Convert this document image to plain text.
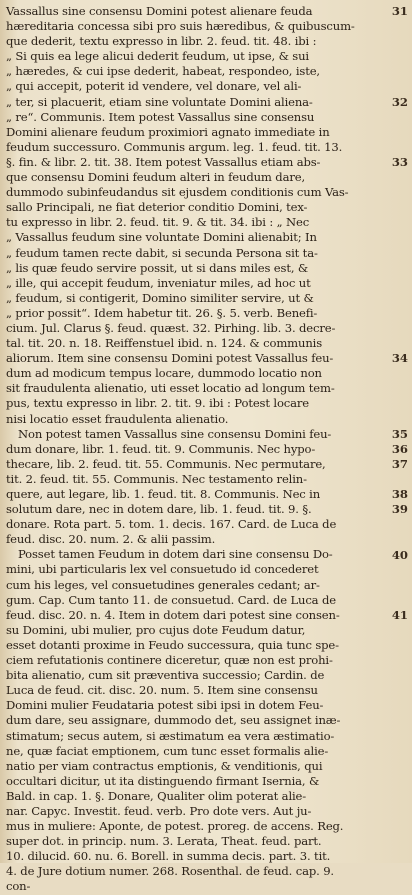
Vassallus sine consensu Domini potest alienare feuda
hæreditaria concessa sibi pro suis hæredibus, & quibuscum-
que dederit, textu expresso in libr. 2. feud. tit. 48. ibi :
„ Si quis ea lege alicui dederit feudum, ut ipse, & sui
„ hæredes, & cui ipse dederit, habeat, respondeo, iste,
„ qui accepit, poterit id vendere, vel donare, vel ali-
„ ter, si placuerit, etiam sine voluntate Domini aliena-
„ re“. Communis. Item potest Vassallus sine consensu
Domini alienare feudum proximiori agnato immediate in
feudum successuro. Communis argum. leg. 1. feud. tit. 13.
§. fin. & libr. 2. tit. 38. Item potest Vassallus etiam abs-
que consensu Domini feudum alteri in feudum dare,
dummodo subinfeudandus sit ejusdem conditionis cum Vas-
sallo Principali, ne fiat deterior conditio Domini, tex-
tu expresso in libr. 2. feud. tit. 9. & tit. 34. ibi : „ Nec
„ Vassallus feudum sine voluntate Domini alienabit; In
„ feudum tamen recte dabit, si secunda Persona sit ta-
„ lis quæ feudo servire possit, ut si dans miles est, &
„ ille, qui accepit feudum, inveniatur miles, ad hoc ut
„ feudum, si contigerit, Domino similiter servire, ut &
„ prior possit“. Idem habetur tit. 26. §. 5. verb. Benefi-
cium. Jul. Clarus §. feud. quæst. 32. Pirhing. lib. 3. decre-
tal. tit. 20. n. 18. Reiffenstuel ibid. n. 124. & communis
aliorum. Item sine consensu Domini potest Vassallus feu-
dum ad modicum tempus locare, dummodo locatio non
sit fraudulenta alienatio, uti esset locatio ad longum tem-
pus, textu expresso in libr. 2. tit. 9. ibi : Potest locare
nisi locatio esset fraudulenta alienatio.
Non potest tamen Vassallus sine consensu Domini feu-
dum donare, libr. 1. feud. tit. 9. Communis. Nec hypo-
thecare, lib. 2. feud. tit. 55. Communis. Nec permutare,
tit. 2. feud. tit. 55. Communis. Nec testamento relin-
quere, aut legare, lib. 1. feud. tit. 8. Communis. Nec in
solutum dare, nec in dotem dare, lib. 1. feud. tit. 9. §.
donare. Rota part. 5. tom. 1. decis. 167. Card. de Luca de
feud. disc. 20. num. 2. & alii passim.
Posset tamen Feudum in dotem dari sine consensu Do-
mini, ubi particularis lex vel consuetudo id concederet
cum his leges, vel consuetudines generales cedant; ar-
gum. Cap. Cum tanto 11. de consuetud. Card. de Luca de
feud. disc. 20. n. 4. Item in dotem dari potest sine consen-
su Domini, ubi mulier, pro cujus dote Feudum datur,
esset dotanti proxime in Feudo successura, quia tunc spe-
ciem refutationis continere diceretur, quæ non est prohi-
bita alienatio, cum sit præventiva successio; Cardin. de
Luca de feud. cit. disc. 20. num. 5. Item sine consensu
Domini mulier Feudataria potest sibi ipsi in dotem Feu-
dum dare, seu assignare, dummodo det, seu assignet inæ-
stimatum; secus autem, si æstimatum ea vera æstimatio-
ne, quæ faciat emptionem, cum tunc esset formalis alie-
natio per viam contractus emptionis, & venditionis, qui
occultari dicitur, ut ita distinguendo firmant Isernia, &
Bald. in cap. 1. §. Donare, Qualiter olim poterat alie-
nar. Capyc. Investit. feud. verb. Pro dote vers. Aut ju-
mus in muliere: Aponte, de potest. proreg. de accens. Reg.
super dot. in princip. num. 3. Lerata, Theat. feud. part.
10. dilucid. 60. nu. 6. Borell. in summa decis. part. 3. tit.
4. de Jure dotium numer. 268. Rosenthal. de feud. cap. 9.
con-
31
32
33
34
35
36
37
38
39
40
41
